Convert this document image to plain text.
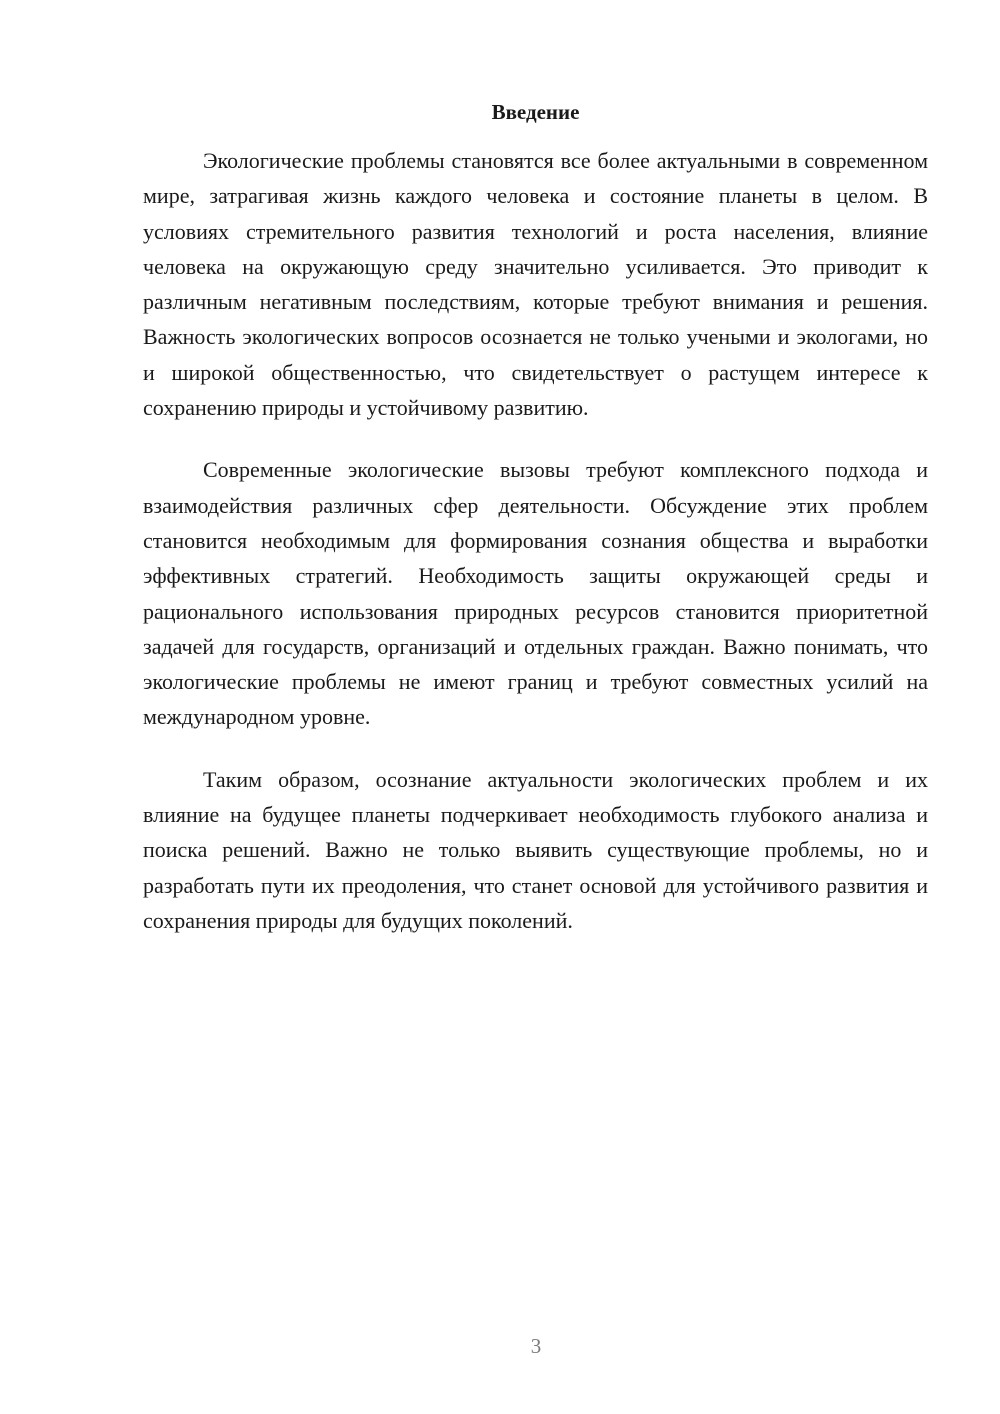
Введение

Экологические проблемы становятся все более актуальными в современном мире, затрагивая жизнь каждого человека и состояние планеты в целом. В условиях стремительного развития технологий и роста населения, влияние человека на окружающую среду значительно усиливается. Это приводит к различным негативным последствиям, которые требуют внимания и решения. Важность экологических вопросов осознается не только учеными и экологами, но и широкой общественностью, что свидетельствует о растущем интересе к сохранению природы и устойчивому развитию.

Современные экологические вызовы требуют комплексного подхода и взаимодействия различных сфер деятельности. Обсуждение этих проблем становится необходимым для формирования сознания общества и выработки эффективных стратегий. Необходимость защиты окружающей среды и рационального использования природных ресурсов становится приоритетной задачей для государств, организаций и отдельных граждан. Важно понимать, что экологические проблемы не имеют границ и требуют совместных усилий на международном уровне.

Таким образом, осознание актуальности экологических проблем и их влияние на будущее планеты подчеркивает необходимость глубокого анализа и поиска решений. Важно не только выявить существующие проблемы, но и разработать пути их преодоления, что станет основой для устойчивого развития и сохранения природы для будущих поколений.

3
